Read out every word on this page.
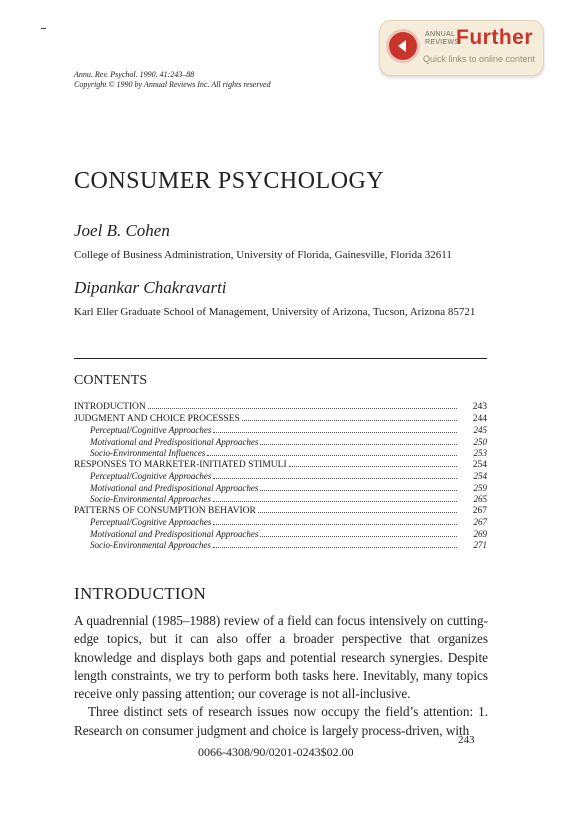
ANNUAL
REVIEWS
Further
Quick links to online content
Annu. Rev. Psychol. 1990. 41:243–88
Copyright © 1990 by Annual Reviews Inc. All rights reserved
CONSUMER PSYCHOLOGY
Joel B. Cohen
College of Business Administration, University of Florida, Gainesville, Florida 32611
Dipankar Chakravarti
Karl Eller Graduate School of Management, University of Arizona, Tucson, Arizona 85721
CONTENTS
INTRODUCTION	243
JUDGMENT AND CHOICE PROCESSES	244
Perceptual/Cognitive Approaches	245
Motivational and Predispositional Approaches	250
Socio-Environmental Influences	253
RESPONSES TO MARKETER-INITIATED STIMULI	254
Perceptual/Cognitive Approaches	254
Motivational and Predispositional Approaches	259
Socio-Environmental Approaches	265
PATTERNS OF CONSUMPTION BEHAVIOR	267
Perceptual/Cognitive Approaches	267
Motivational and Predispositional Approaches	269
Socio-Environmental Approaches	271
INTRODUCTION

A quadrennial (1985–1988) review of a field can focus intensively on cutting-edge topics, but it can also offer a broader perspective that organizes knowledge and displays both gaps and potential research synergies. Despite length constraints, we try to perform both tasks here. Inevitably, many topics receive only passing attention; our coverage is not all-inclusive.

Three distinct sets of research issues now occupy the field’s attention: 1. Research on consumer judgment and choice is largely process-driven, with

243
0066-4308/90/0201-0243$02.00
